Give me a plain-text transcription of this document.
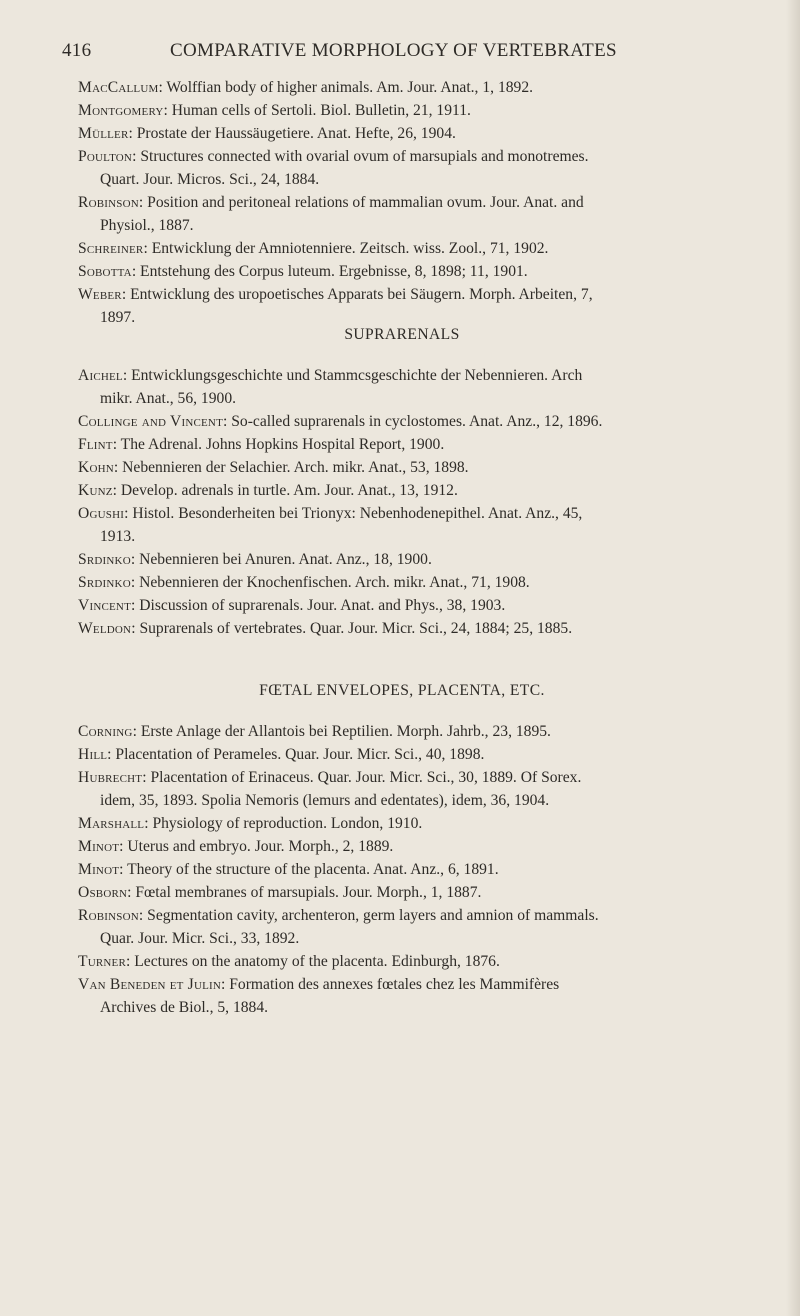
416	COMPARATIVE MORPHOLOGY OF VERTEBRATES
MacCallum: Wolffian body of higher animals. Am. Jour. Anat., 1, 1892.
Montgomery: Human cells of Sertoli. Biol. Bulletin, 21, 1911.
Müller: Prostate der Haussäugetiere. Anat. Hefte, 26, 1904.
Poulton: Structures connected with ovarial ovum of marsupials and monotremes.
Quart. Jour. Micros. Sci., 24, 1884.
Robinson: Position and peritoneal relations of mammalian ovum. Jour. Anat. and
Physiol., 1887.
Schreiner: Entwicklung der Amniotenniere. Zeitsch. wiss. Zool., 71, 1902.
Sobotta: Entstehung des Corpus luteum. Ergebnisse, 8, 1898; 11, 1901.
Weber: Entwicklung des uropoetisches Apparats bei Säugern. Morph. Arbeiten, 7,
1897.
SUPRARENALS
Aichel: Entwicklungsgeschichte und Stammcsgeschichte der Nebennieren. Arch
mikr. Anat., 56, 1900.
Collinge and Vincent: So-called suprarenals in cyclostomes. Anat. Anz., 12, 1896.
Flint: The Adrenal. Johns Hopkins Hospital Report, 1900.
Kohn: Nebennieren der Selachier. Arch. mikr. Anat., 53, 1898.
Kunz: Develop. adrenals in turtle. Am. Jour. Anat., 13, 1912.
Ogushi: Histol. Besonderheiten bei Trionyx: Nebenhodenepithel. Anat. Anz., 45,
1913.
Srdinko: Nebennieren bei Anuren. Anat. Anz., 18, 1900.
Srdinko: Nebennieren der Knochenfischen. Arch. mikr. Anat., 71, 1908.
Vincent: Discussion of suprarenals. Jour. Anat. and Phys., 38, 1903.
Weldon: Suprarenals of vertebrates. Quar. Jour. Micr. Sci., 24, 1884; 25, 1885.
FŒTAL ENVELOPES, PLACENTA, ETC.
Corning: Erste Anlage der Allantois bei Reptilien. Morph. Jahrb., 23, 1895.
Hill: Placentation of Perameles. Quar. Jour. Micr. Sci., 40, 1898.
Hubrecht: Placentation of Erinaceus. Quar. Jour. Micr. Sci., 30, 1889. Of Sorex.
idem, 35, 1893. Spolia Nemoris (lemurs and edentates), idem, 36, 1904.
Marshall: Physiology of reproduction. London, 1910.
Minot: Uterus and embryo. Jour. Morph., 2, 1889.
Minot: Theory of the structure of the placenta. Anat. Anz., 6, 1891.
Osborn: Fœtal membranes of marsupials. Jour. Morph., 1, 1887.
Robinson: Segmentation cavity, archenteron, germ layers and amnion of mammals.
Quar. Jour. Micr. Sci., 33, 1892.
Turner: Lectures on the anatomy of the placenta. Edinburgh, 1876.
Van Beneden et Julin: Formation des annexes fœtales chez les Mammifères
Archives de Biol., 5, 1884.
